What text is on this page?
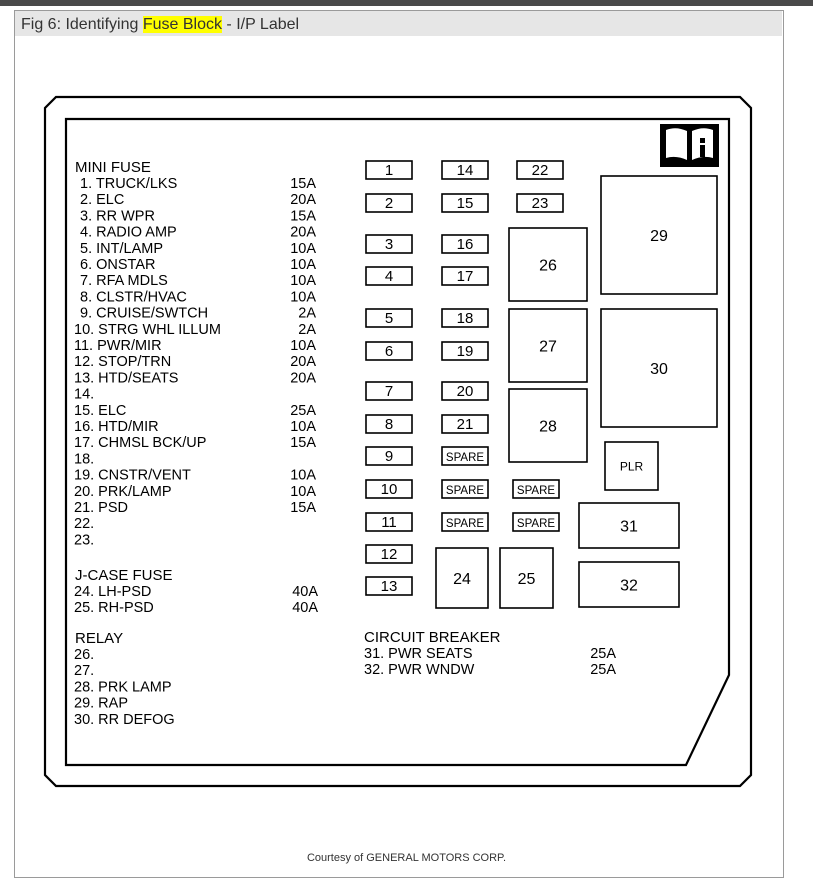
Fig 6: Identifying Fuse Block - I/P Label
MINI FUSE
1. TRUCK/LKS	15A
2. ELC	20A
3. RR WPR	15A
4. RADIO AMP	20A
5. INT/LAMP	10A
6. ONSTAR	10A
7. RFA MDLS	10A
8. CLSTR/HVAC	10A
9. CRUISE/SWTCH	2A
10. STRG WHL ILLUM	2A
11. PWR/MIR	10A
12. STOP/TRN	20A
13. HTD/SEATS	20A
14.
15. ELC	25A
16. HTD/MIR	10A
17. CHMSL BCK/UP	15A
18.
19. CNSTR/VENT	10A
20. PRK/LAMP	10A
21. PSD	15A
22.
23.
J-CASE FUSE
24. LH-PSD	40A
25. RH-PSD	40A
RELAY
26.
27.
28. PRK LAMP
29. RAP
30. RR DEFOG
CIRCUIT BREAKER
31. PWR SEATS	25A
32. PWR WNDW	25A
1
2
3
4
5
6
7
8
9
10
11
12
13
14
15
16
17
18
19
20
21
22
23
SPARE
SPARE
SPARE
SPARE
SPARE
24	25
26
27
28
29
30
PLR
31
32
Courtesy of GENERAL MOTORS CORP.
